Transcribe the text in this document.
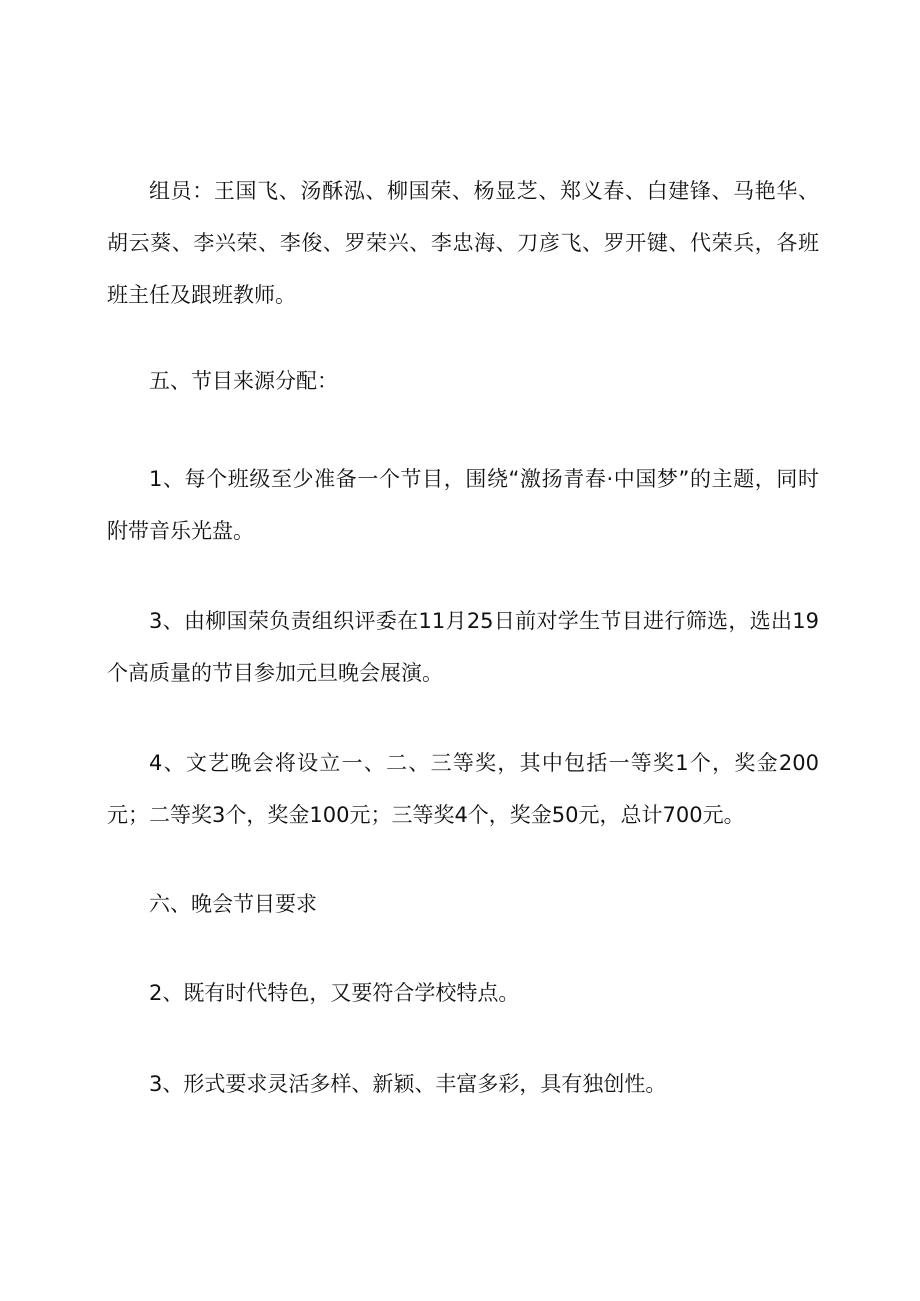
组员：王国飞、汤酥泓、柳国荣、杨显芝、郑义春、白建锋、马艳华、胡云葵、李兴荣、李俊、罗荣兴、李忠海、刀彦飞、罗开键、代荣兵，各班班主任及跟班教师。

五、节目来源分配：

1、每个班级至少准备一个节目，围绕“激扬青春·中国梦”的主题，同时附带音乐光盘。

3、由柳国荣负责组织评委在11月25日前对学生节目进行筛选，选出19个高质量的节目参加元旦晚会展演。

4、文艺晚会将设立一、二、三等奖，其中包括一等奖1个，奖金200元；二等奖3个，奖金100元；三等奖4个，奖金50元，总计700元。

六、晚会节目要求

2、既有时代特色，又要符合学校特点。

3、形式要求灵活多样、新颖、丰富多彩，具有独创性。
